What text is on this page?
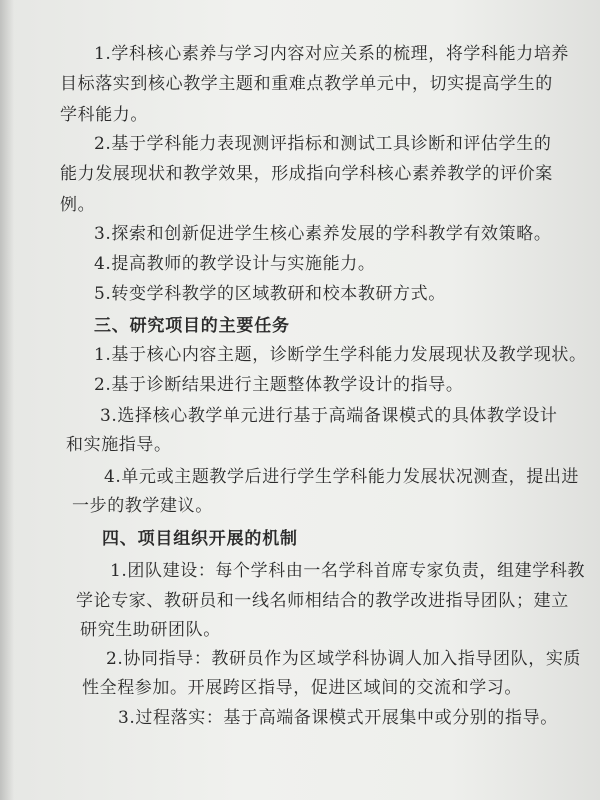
1.学科核心素养与学习内容对应关系的梳理，将学科能力培养
目标落实到核心教学主题和重难点教学单元中，切实提高学生的
学科能力。
2.基于学科能力表现测评指标和测试工具诊断和评估学生的
能力发展现状和教学效果，形成指向学科核心素养教学的评价案
例。
3.探索和创新促进学生核心素养发展的学科教学有效策略。
4.提高教师的教学设计与实施能力。
5.转变学科教学的区域教研和校本教研方式。
三、研究项目的主要任务
1.基于核心内容主题，诊断学生学科能力发展现状及教学现状。
2.基于诊断结果进行主题整体教学设计的指导。
3.选择核心教学单元进行基于高端备课模式的具体教学设计
和实施指导。
4.单元或主题教学后进行学生学科能力发展状况测查，提出进
一步的教学建议。
四、项目组织开展的机制
1.团队建设：每个学科由一名学科首席专家负责，组建学科教
学论专家、教研员和一线名师相结合的教学改进指导团队；建立
研究生助研团队。
2.协同指导：教研员作为区域学科协调人加入指导团队，实质
性全程参加。开展跨区指导，促进区域间的交流和学习。
3.过程落实：基于高端备课模式开展集中或分别的指导。
